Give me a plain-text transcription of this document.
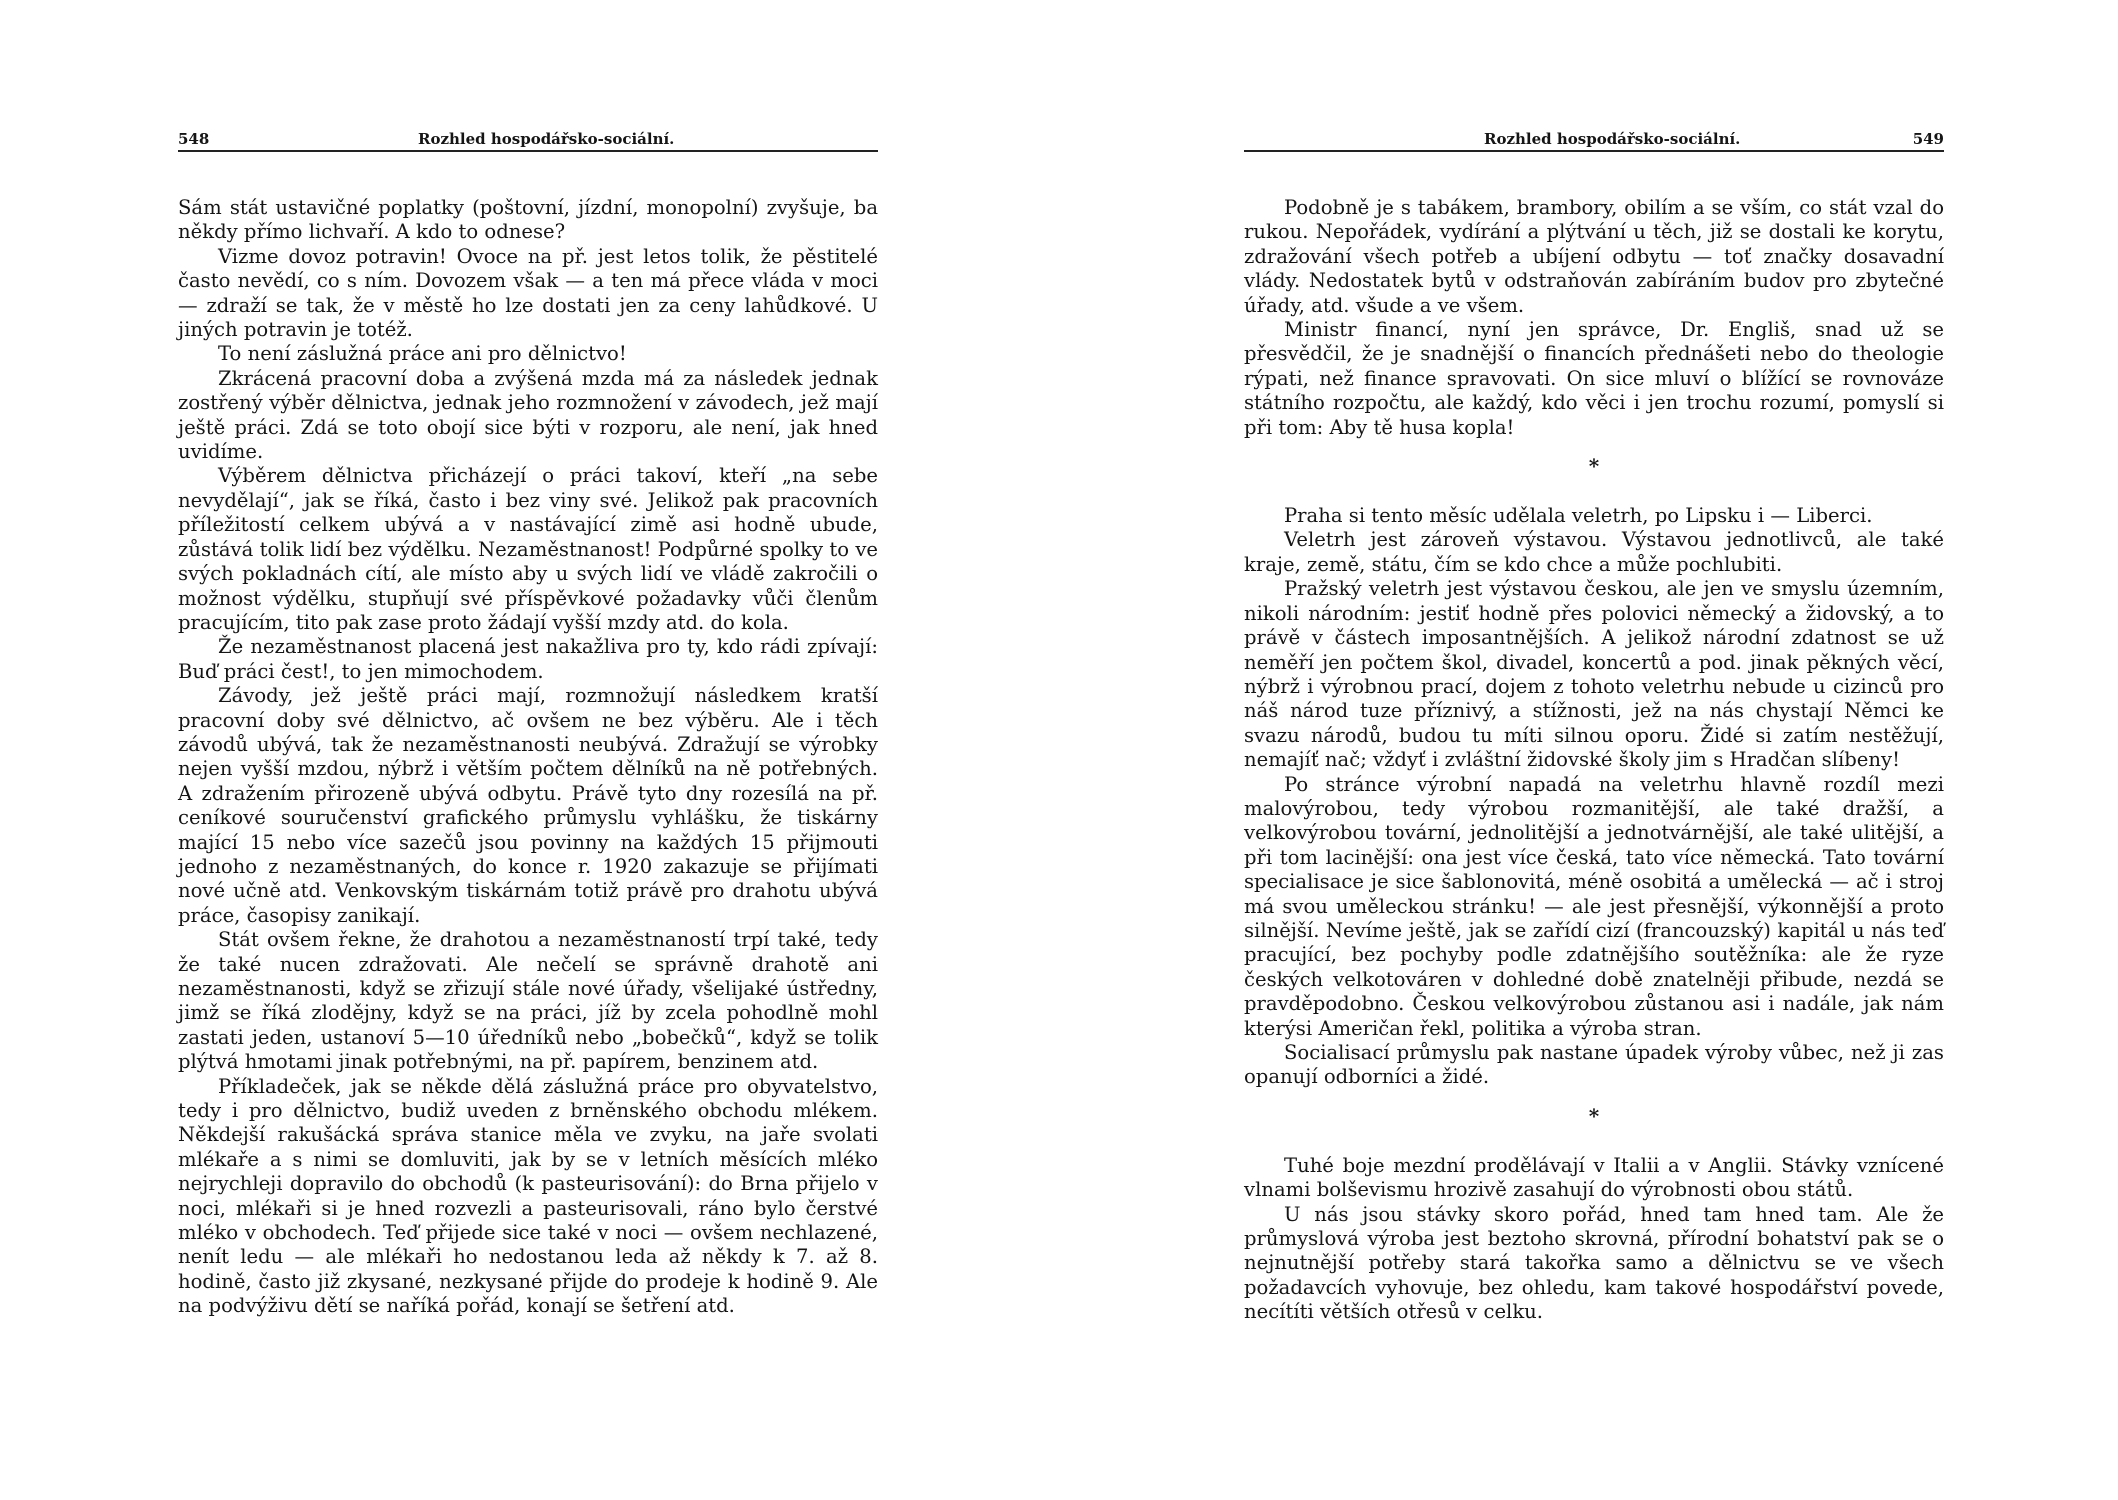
548	Rozhled hospodářsko-sociální.

Sám stát ustavičné poplatky (poštovní, jízdní, monopolní) zvyšuje, ba někdy přímo lichvaří. A kdo to odnese?

Vizme dovoz potravin! Ovoce na př. jest letos tolik, že pěstitelé často nevědí, co s ním. Dovozem však — a ten má přece vláda v moci — zdraží se tak, že v městě ho lze dostati jen za ceny lahůdkové. U jiných potravin je totéž.

To není záslužná práce ani pro dělnictvo!

Zkrácená pracovní doba a zvýšená mzda má za následek jednak zostřený výběr dělnictva, jednak jeho rozmnožení v závodech, jež mají ještě práci. Zdá se toto obojí sice býti v rozporu, ale není, jak hned uvidíme.

Výběrem dělnictva přicházejí o práci takoví, kteří „na sebe nevydělají“, jak se říká, často i bez viny své. Jelikož pak pracovních příležitostí celkem ubývá a v nastávající zimě asi hodně ubude, zůstává tolik lidí bez výdělku. Nezaměstnanost! Podpůrné spolky to ve svých pokladnách cítí, ale místo aby u svých lidí ve vládě zakročili o možnost výdělku, stupňují své příspěvkové požadavky vůči členům pracujícím, tito pak zase proto žádají vyšší mzdy atd. do kola.

Že nezaměstnanost placená jest nakažliva pro ty, kdo rádi zpívají: Buď práci čest!, to jen mimochodem.

Závody, jež ještě práci mají, rozmnožují následkem kratší pracovní doby své dělnictvo, ač ovšem ne bez výběru. Ale i těch závodů ubývá, tak že nezaměstnanosti neubývá. Zdražují se výrobky nejen vyšší mzdou, nýbrž i větším počtem dělníků na ně potřebných. A zdražením přirozeně ubývá odbytu. Právě tyto dny rozesílá na př. ceníkové souručenství grafického průmyslu vyhlášku, že tiskárny mající 15 nebo více sazečů jsou povinny na každých 15 přijmouti jednoho z nezaměstnaných, do konce r. 1920 zakazuje se přijímati nové učně atd. Venkovským tiskárnám totiž právě pro drahotu ubývá práce, časopisy zanikají.

Stát ovšem řekne, že drahotou a nezaměstnaností trpí také, tedy že také nucen zdražovati. Ale nečelí se správně drahotě ani nezaměstnanosti, když se zřizují stále nové úřady, všelijaké ústředny, jimž se říká zlodějny, když se na práci, jíž by zcela pohodlně mohl zastati jeden, ustanoví 5—10 úředníků nebo „bobečků“, když se tolik plýtvá hmotami jinak potřebnými, na př. papírem, benzinem atd.

Příkladeček, jak se někde dělá záslužná práce pro obyvatelstvo, tedy i pro dělnictvo, budiž uveden z brněnského obchodu mlékem. Někdejší rakušácká správa stanice měla ve zvyku, na jaře svolati mlékaře a s nimi se domluviti, jak by se v letních měsících mléko nejrychleji dopravilo do obchodů (k pasteurisování): do Brna přijelo v noci, mlékaři si je hned rozvezli a pasteurisovali, ráno bylo čerstvé mléko v obchodech. Teď přijede sice také v noci — ovšem nechlazené, nenít ledu — ale mlékaři ho nedostanou leda až někdy k 7. až 8. hodině, často již zkysané, nezkysané přijde do prodeje k hodině 9. Ale na podvýživu dětí se naříká pořád, konají se šetření atd.

Rozhled hospodářsko-sociální.	549

Podobně je s tabákem, brambory, obilím a se vším, co stát vzal do rukou. Nepořádek, vydírání a plýtvání u těch, již se dostali ke korytu, zdražování všech potřeb a ubíjení odbytu — toť značky dosavadní vlády. Nedostatek bytů v odstraňován zabíráním budov pro zbytečné úřady, atd. všude a ve všem.

Ministr financí, nyní jen správce, Dr. Engliš, snad už se přesvědčil, že je snadnější o financích přednášeti nebo do theologie rýpati, než finance spravovati. On sice mluví o blížící se rovnováze státního rozpočtu, ale každý, kdo věci i jen trochu rozumí, pomyslí si při tom: Aby tě husa kopla!

*

Praha si tento měsíc udělala veletrh, po Lipsku i — Liberci.

Veletrh jest zároveň výstavou. Výstavou jednotlivců, ale také kraje, země, státu, čím se kdo chce a může pochlubiti.

Pražský veletrh jest výstavou českou, ale jen ve smyslu územním, nikoli národním: jestiť hodně přes polovici německý a židovský, a to právě v částech imposantnějších. A jelikož národní zdatnost se už neměří jen počtem škol, divadel, koncertů a pod. jinak pěkných věcí, nýbrž i výrobnou prací, dojem z tohoto veletrhu nebude u cizinců pro náš národ tuze příznivý, a stížnosti, jež na nás chystají Němci ke svazu národů, budou tu míti silnou oporu. Židé si zatím nestěžují, nemajíť nač; vždyť i zvláštní židovské školy jim s Hradčan slíbeny!

Po stránce výrobní napadá na veletrhu hlavně rozdíl mezi malovýrobou, tedy výrobou rozmanitější, ale také dražší, a velkovýrobou tovární, jednolitější a jednotvárnější, ale také ulitější, a při tom lacinější: ona jest více česká, tato více německá. Tato tovární specialisace je sice šablonovitá, méně osobitá a umělecká — ač i stroj má svou uměleckou stránku! — ale jest přesnější, výkonnější a proto silnější. Nevíme ještě, jak se zařídí cizí (francouzský) kapitál u nás teď pracující, bez pochyby podle zdatnějšího soutěžníka: ale že ryze českých velkotováren v dohledné době znatelněji přibude, nezdá se pravděpodobno. Českou velkovýrobou zůstanou asi i nadále, jak nám kterýsi Američan řekl, politika a výroba stran.

Socialisací průmyslu pak nastane úpadek výroby vůbec, než ji zas opanují odborníci a židé.

*

Tuhé boje mezdní prodělávají v Italii a v Anglii. Stávky vznícené vlnami bolševismu hrozivě zasahují do výrobnosti obou států.

U nás jsou stávky skoro pořád, hned tam hned tam. Ale že průmyslová výroba jest beztoho skrovná, přírodní bohatství pak se o nejnutnější potřeby stará takořka samo a dělnictvu se ve všech požadavcích vyhovuje, bez ohledu, kam takové hospodářství povede, necítíti větších otřesů v celku.
